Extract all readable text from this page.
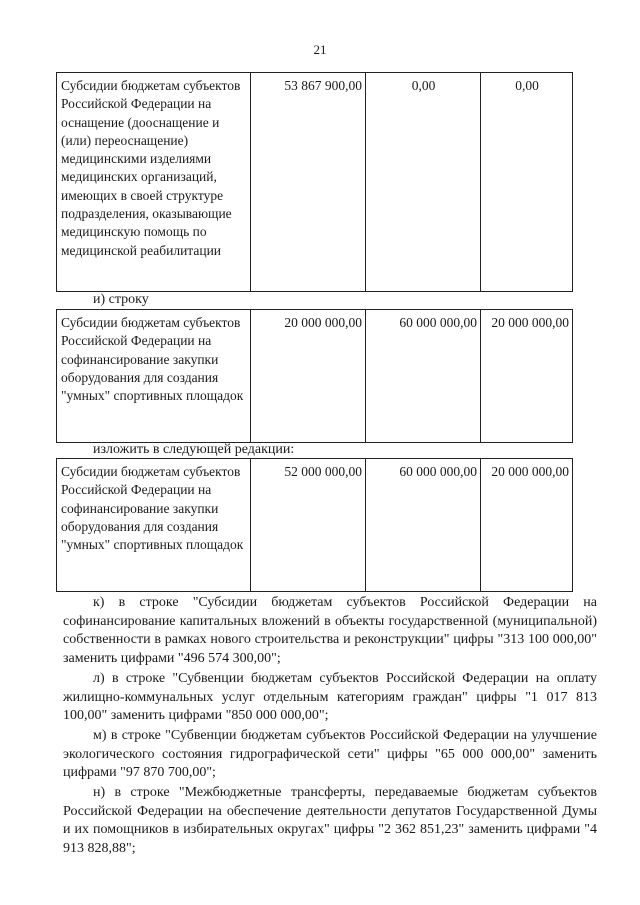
21
Субсидии бюджетам субъектов Российской Федерации на оснащение (дооснащение и (или) переоснащение) медицинскими изделиями медицинских организаций, имеющих в своей структуре подразделения, оказывающие медицинскую помощь по медицинской реабилитации	53 867 900,00	0,00	0,00
и) строку
Субсидии бюджетам субъектов Российской Федерации на софинансирование закупки оборудования для создания "умных" спортивных площадок	20 000 000,00	60 000 000,00	20 000 000,00
изложить в следующей редакции:
Субсидии бюджетам субъектов Российской Федерации на софинансирование закупки оборудования для создания "умных" спортивных площадок	52 000 000,00	60 000 000,00	20 000 000,00

к) в строке "Субсидии бюджетам субъектов Российской Федерации на софинансирование капитальных вложений в объекты государственной (муниципальной) собственности в рамках нового строительства и реконструкции" цифры "313 100 000,00" заменить цифрами "496 574 300,00";

л) в строке "Субвенции бюджетам субъектов Российской Федерации на оплату жилищно-коммунальных услуг отдельным категориям граждан" цифры "1 017 813 100,00" заменить цифрами "850 000 000,00";

м) в строке "Субвенции бюджетам субъектов Российской Федерации на улучшение экологического состояния гидрографической сети" цифры "65 000 000,00" заменить цифрами "97 870 700,00";

н) в строке "Межбюджетные трансферты, передаваемые бюджетам субъектов Российской Федерации на обеспечение деятельности депутатов Государственной Думы и их помощников в избирательных округах" цифры "2 362 851,23" заменить цифрами "4 913 828,88";
